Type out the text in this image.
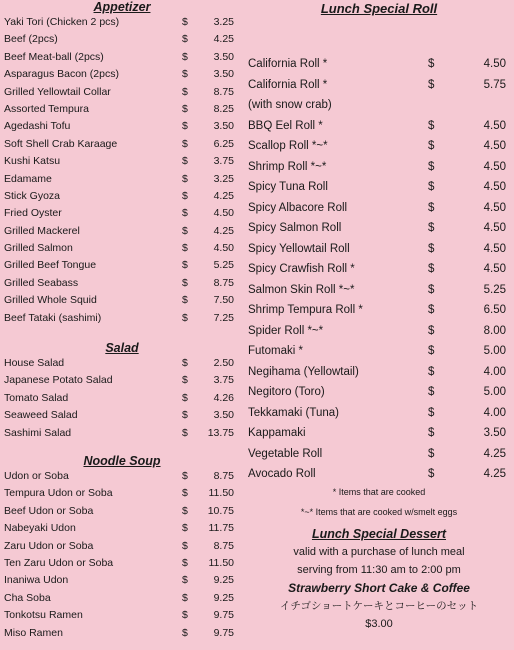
Appetizer
Yaki Tori (Chicken 2 pcs)	$ 3.25
Beef (2pcs)	$ 4.25
Beef Meat-ball (2pcs)	$ 3.50
Asparagus Bacon (2pcs)	$ 3.50
Grilled Yellowtail Collar	$ 8.75
Assorted Tempura	$ 8.25
Agedashi Tofu	$ 3.50
Soft Shell Crab Karaage	$ 6.25
Kushi Katsu	$ 3.75
Edamame	$ 3.25
Stick Gyoza	$ 4.25
Fried Oyster	$ 4.50
Grilled Mackerel	$ 4.25
Grilled Salmon	$ 4.50
Grilled Beef Tongue	$ 5.25
Grilled Seabass	$ 8.75
Grilled Whole Squid	$ 7.50
Beef Tataki (sashimi)	$ 7.25
Salad
House Salad	$ 2.50
Japanese Potato Salad	$ 3.75
Tomato Salad	$ 4.26
Seaweed Salad	$ 3.50
Sashimi Salad	$ 13.75
Noodle Soup
Udon or Soba	$ 8.75
Tempura Udon or Soba	$ 11.50
Beef Udon or Soba	$ 10.75
Nabeyaki Udon	$ 11.75
Zaru Udon or Soba	$ 8.75
Ten Zaru Udon or Soba	$ 11.50
Inaniwa Udon	$ 9.25
Cha Soba	$ 9.25
Tonkotsu Ramen	$ 9.75
Miso Ramen	$ 9.75
Lunch Special Roll
California Roll *	$	4.50
California Roll *	$	5.75
(with snow crab)
BBQ Eel Roll *	$	4.50
Scallop Roll *~*	$	4.50
Shrimp Roll *~*	$	4.50
Spicy Tuna Roll	$	4.50
Spicy Albacore Roll	$	4.50
Spicy Salmon Roll	$	4.50
Spicy Yellowtail Roll	$	4.50
Spicy Crawfish Roll *	$	4.50
Salmon Skin Roll *~*	$	5.25
Shrimp Tempura Roll *	$	6.50
Spider Roll *~*	$	8.00
Futomaki *	$	5.00
Negihama (Yellowtail)	$	4.00
Negitoro (Toro)	$	5.00
Tekkamaki (Tuna)	$	4.00
Kappamaki	$	3.50
Vegetable Roll	$	4.25
Avocado Roll	$	4.25
* Items that are cooked
*~* Items that are cooked w/smelt eggs
Lunch Special Dessert
valid with a purchase of lunch meal
serving from 11:30 am to 2:00 pm
Strawberry Short Cake & Coffee
イチゴショートケーキとコーヒーのセット
$3.00
